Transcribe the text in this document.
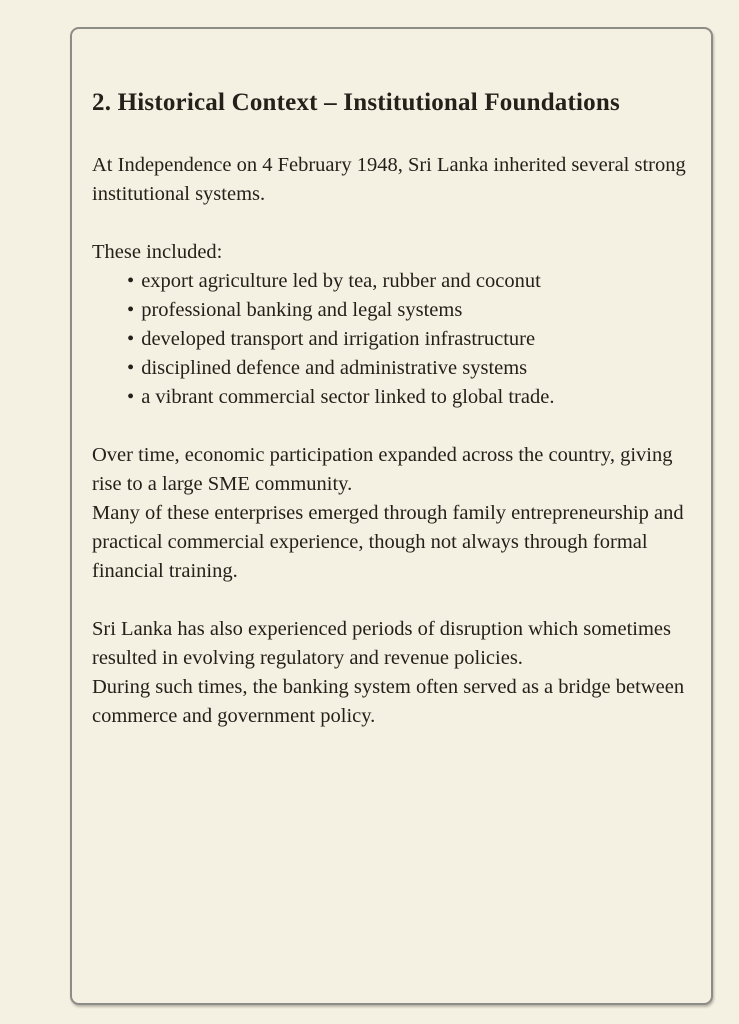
2. Historical Context – Institutional Foundations

At Independence on 4 February 1948, Sri Lanka inherited several strong institutional systems.

These included:
• export agriculture led by tea, rubber and coconut
• professional banking and legal systems
• developed transport and irrigation infrastructure
• disciplined defence and administrative systems
• a vibrant commercial sector linked to global trade.
Over time, economic participation expanded across the country, giving rise to a large SME community.
Many of these enterprises emerged through family entrepreneurship and practical commercial experience, though not always through formal financial training.
Sri Lanka has also experienced periods of disruption which sometimes resulted in evolving regulatory and revenue policies.
During such times, the banking system often served as a bridge between commerce and government policy.
